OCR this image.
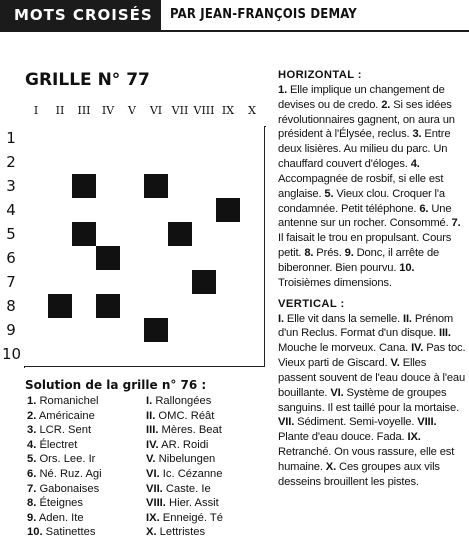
MOTS CROISÉS	PAR JEAN-FRANÇOIS DEMAY
GRILLE N° 77
I	II	III	IV	V	VI VII VIII IX	X
1
2
3
4
5
6
7
8
9
10
Solution de la grille n° 76 :
1. Romanichel
2. Américaine
3. LCR. Sent
4. Électret
5. Ors. Lee. Ir
6. Né. Ruz. Agi
7. Gabonaises
8. Éteignes
9. Aden. Ite
10. Satinettes
I. Rallongées
II. OMC. Réât
III. Mères. Beat
IV. AR. Roidi
V. Nibelungen
VI. Ic. Cézanne
VII. Caste. Ie
VIII. Hier. Assit
IX. Enneigé. Té
X. Lettristes

HORIZONTAL :

1. Elle implique un changement de devises ou de credo. 2. Si ses idées révolutionnaires gagnent, on aura un président à l'Élysée, reclus. 3. Entre deux lisières. Au milieu du parc. Un chauffard couvert d'éloges. 4. Accompagnée de rosbif, si elle est anglaise. 5. Vieux clou. Croquer l'a condamnée. Petit téléphone. 6. Une antenne sur un rocher. Consommé. 7. Il faisait le trou en propulsant. Cours petit. 8. Prés. 9. Donc, il arrête de biberonner. Bien pourvu. 10. Troisièmes dimensions.

VERTICAL :

I. Elle vit dans la semelle. II. Prénom d'un Reclus. Format d'un disque. III. Mouche le morveux. Cana. IV. Pas toc. Vieux parti de Giscard. V. Elles passent souvent de l'eau douce à l'eau bouillante. VI. Système de groupes sanguins. Il est taillé pour la mortaise. VII. Sédiment. Semi-voyelle. VIII. Plante d'eau douce. Fada. IX. Retranché. On vous rassure, elle est humaine. X. Ces groupes aux vils desseins brouillent les pistes.
